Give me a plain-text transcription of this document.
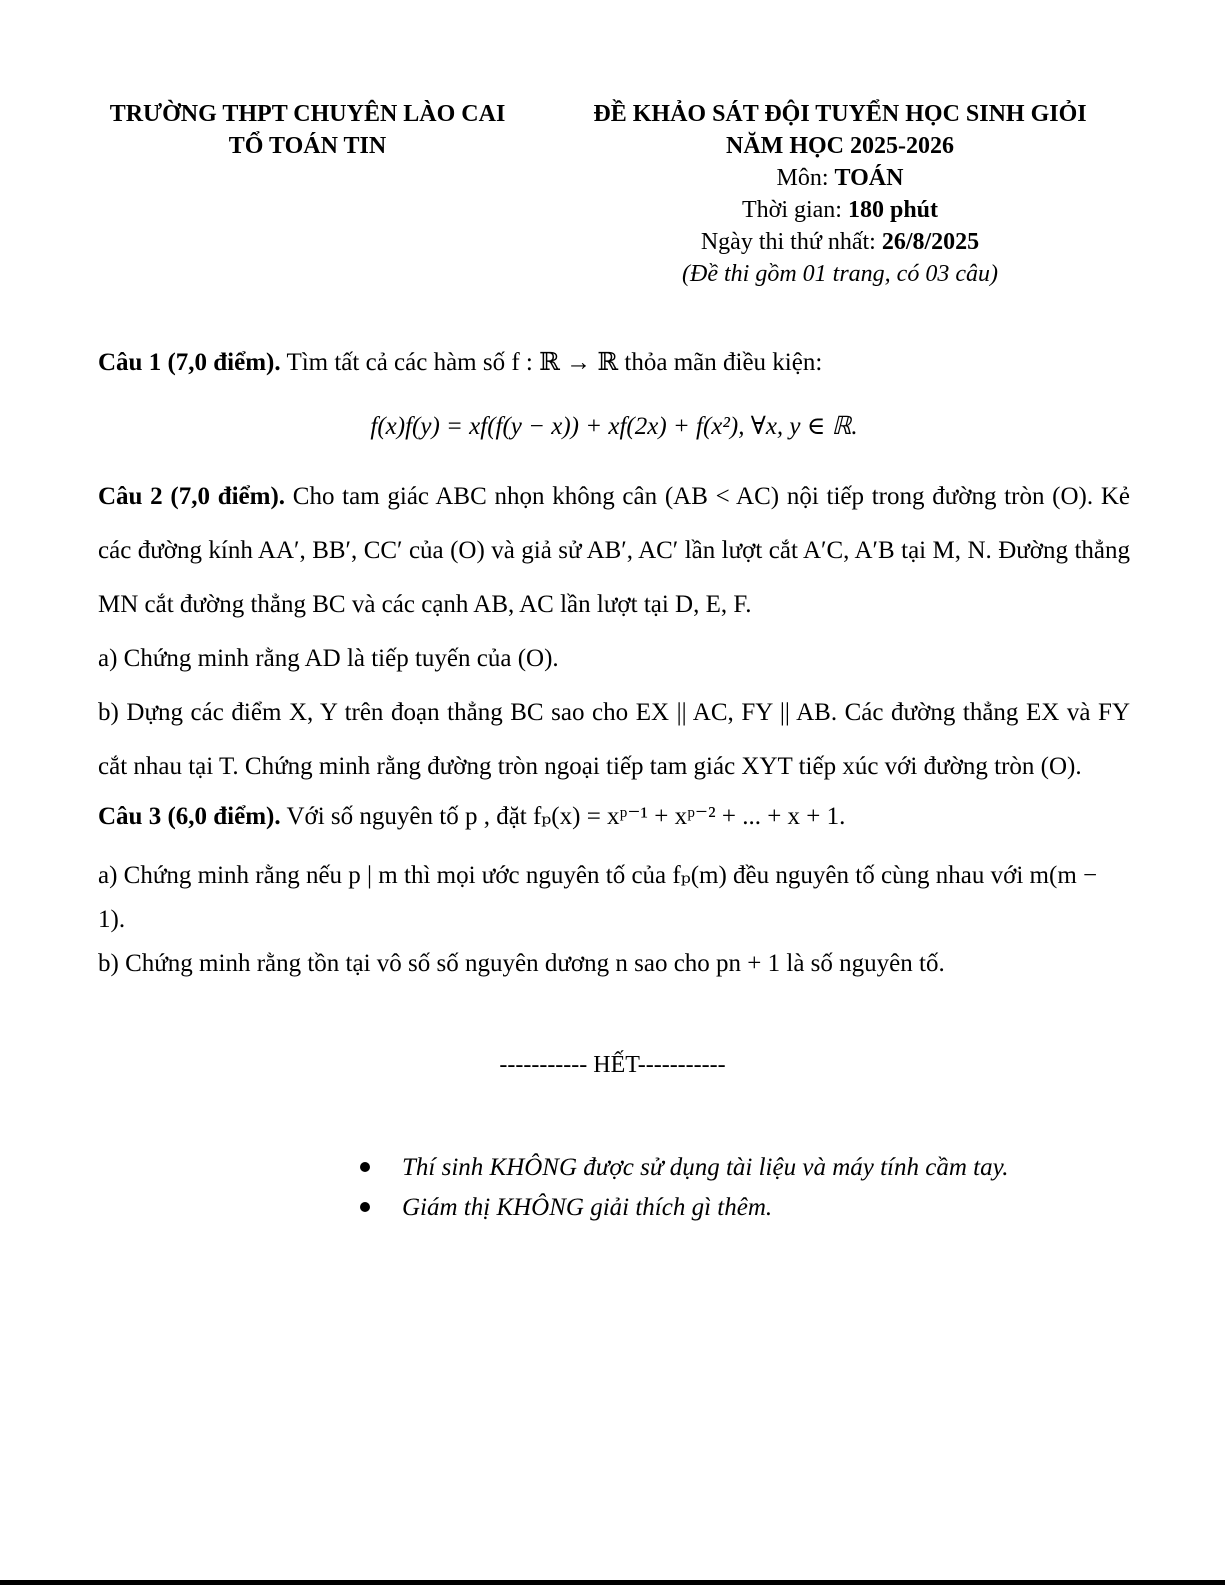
TRƯỜNG THPT CHUYÊN LÀO CAI
TỔ TOÁN TIN
ĐỀ KHẢO SÁT ĐỘI TUYỂN HỌC SINH GIỎI
NĂM HỌC 2025-2026
Môn: TOÁN
Thời gian: 180 phút
Ngày thi thứ nhất: 26/8/2025
(Đề thi gồm 01 trang, có 03 câu)

Câu 1 (7,0 điểm). Tìm tất cả các hàm số f : ℝ → ℝ thỏa mãn điều kiện:

f(x)f(y) = xf(f(y − x)) + xf(2x) + f(x²), ∀x, y ∈ ℝ.

Câu 2 (7,0 điểm). Cho tam giác ABC nhọn không cân (AB < AC) nội tiếp trong đường tròn (O). Kẻ các đường kính AA′, BB′, CC′ của (O) và giả sử AB′, AC′ lần lượt cắt A′C, A′B tại M, N. Đường thẳng MN cắt đường thẳng BC và các cạnh AB, AC lần lượt tại D, E, F.

a) Chứng minh rằng AD là tiếp tuyến của (O).

b) Dựng các điểm X, Y trên đoạn thẳng BC sao cho EX || AC, FY || AB. Các đường thẳng EX và FY cắt nhau tại T. Chứng minh rằng đường tròn ngoại tiếp tam giác XYT tiếp xúc với đường tròn (O).

Câu 3 (6,0 điểm). Với số nguyên tố p , đặt fₚ(x) = xᵖ⁻¹ + xᵖ⁻² + ... + x + 1.

a) Chứng minh rằng nếu p | m thì mọi ước nguyên tố của fₚ(m) đều nguyên tố cùng nhau với m(m − 1).

b) Chứng minh rằng tồn tại vô số số nguyên dương n sao cho pn + 1 là số nguyên tố.

----------- HẾT-----------
Thí sinh KHÔNG được sử dụng tài liệu và máy tính cầm tay.
Giám thị KHÔNG giải thích gì thêm.
